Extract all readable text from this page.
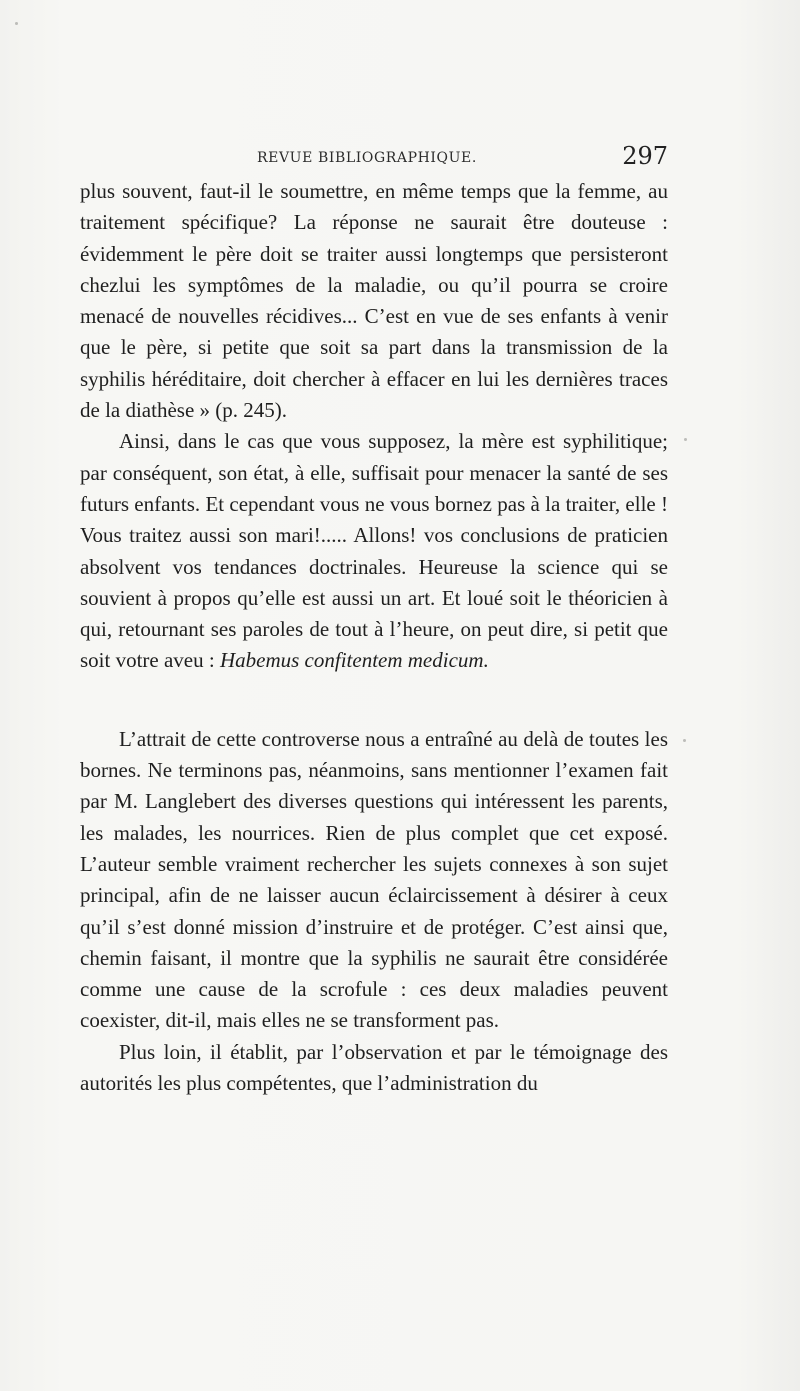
REVUE BIBLIOGRAPHIQUE.	297

plus souvent, faut-il le soumettre, en même temps que la femme, au traitement spécifique? La réponse ne saurait être douteuse : évidemment le père doit se traiter aussi longtemps que persisteront chezlui les symptômes de la maladie, ou qu’il pourra se croire menacé de nouvelles récidives... C’est en vue de ses enfants à venir que le père, si petite que soit sa part dans la transmission de la syphilis héréditaire, doit chercher à effacer en lui les dernières traces de la diathèse » (p. 245).

Ainsi, dans le cas que vous supposez, la mère est syphilitique; par conséquent, son état, à elle, suffisait pour menacer la santé de ses futurs enfants. Et cependant vous ne vous bornez pas à la traiter, elle ! Vous traitez aussi son mari!..... Allons! vos conclusions de praticien absolvent vos tendances doctrinales. Heureuse la science qui se souvient à propos qu’elle est aussi un art. Et loué soit le théoricien à qui, retournant ses paroles de tout à l’heure, on peut dire, si petit que soit votre aveu : Habemus confitentem medicum.

L’attrait de cette controverse nous a entraîné au delà de toutes les bornes. Ne terminons pas, néanmoins, sans mentionner l’examen fait par M. Langlebert des diverses questions qui intéressent les parents, les malades, les nourrices. Rien de plus complet que cet exposé. L’auteur semble vraiment rechercher les sujets connexes à son sujet principal, afin de ne laisser aucun éclaircissement à désirer à ceux qu’il s’est donné mission d’instruire et de protéger. C’est ainsi que, chemin faisant, il montre que la syphilis ne saurait être considérée comme une cause de la scrofule : ces deux maladies peuvent coexister, dit-il, mais elles ne se transforment pas.

Plus loin, il établit, par l’observation et par le témoignage des autorités les plus compétentes, que l’administration du
